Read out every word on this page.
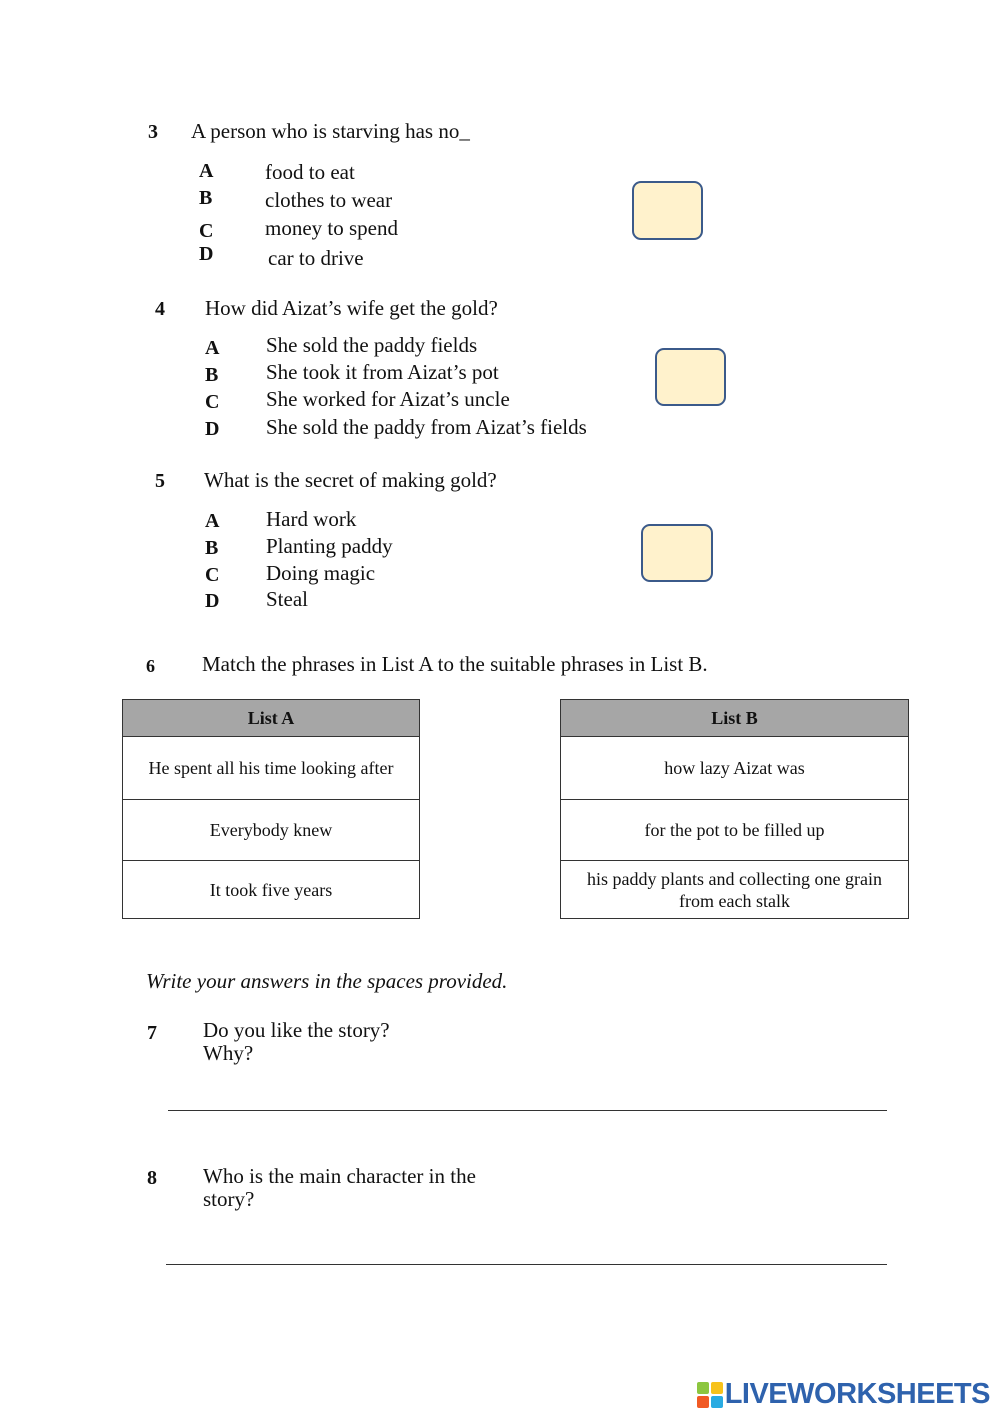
3 A person who is starving has no_
A food to eat
B	clothes to wear
C money to spend
D	car to drive
4 How did Aizat’s wife get the gold?
A She sold the paddy fields
B She took it from Aizat’s pot
C She worked for Aizat’s uncle
D She sold the paddy from Aizat’s fields
5 What is the secret of making gold?
A Hard work
B Planting paddy
C Doing magic
D Steal
6 Match the phrases in List A to the suitable phrases in List B.
List A
He spent all his time looking after
Everybody knew
It took five years
List B
how lazy Aizat was
for the pot to be filled up
his paddy plants and collecting one grain from each stalk
Write your answers in the spaces provided.
7 Do you like the story?
Why?
8 Who is the main character in the
story?
LIVEWORKSHEETS
